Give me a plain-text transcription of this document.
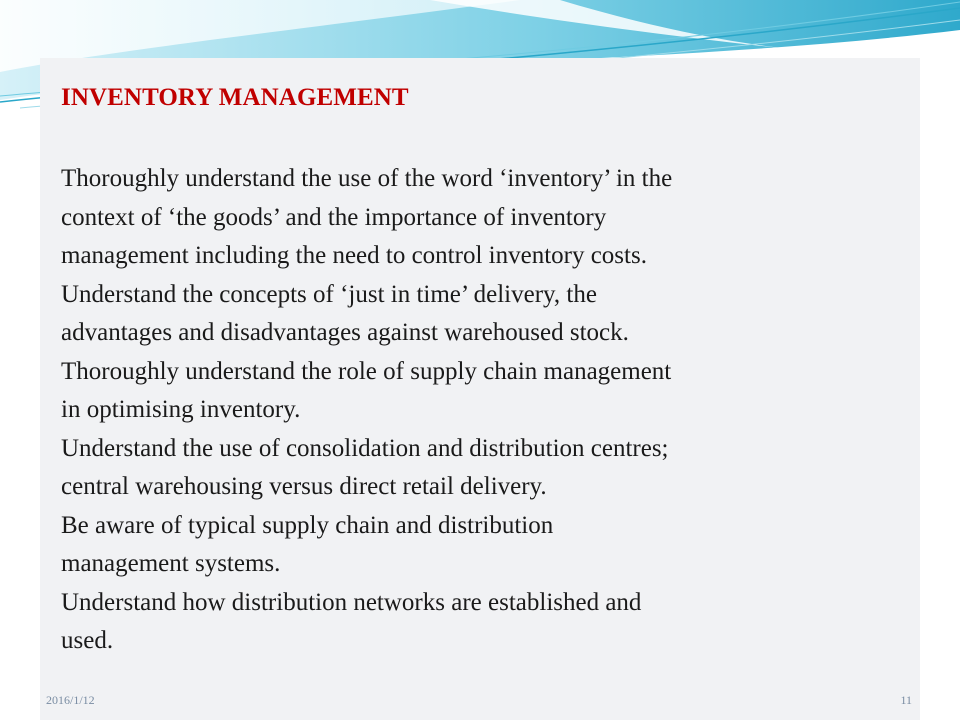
INVENTORY MANAGEMENT
Thoroughly understand the use of the word ‘inventory’ in the
context of ‘the goods’ and the importance of inventory
management including the need to control inventory costs.
Understand the concepts of ‘just in time’ delivery, the
advantages and disadvantages against warehoused stock.
Thoroughly understand the role of supply chain management
in optimising inventory.
Understand the use of consolidation and distribution centres;
central warehousing versus direct retail delivery.
Be aware of typical supply chain and distribution
management systems.
Understand how distribution networks are established and
used.
2016/1/12	11
